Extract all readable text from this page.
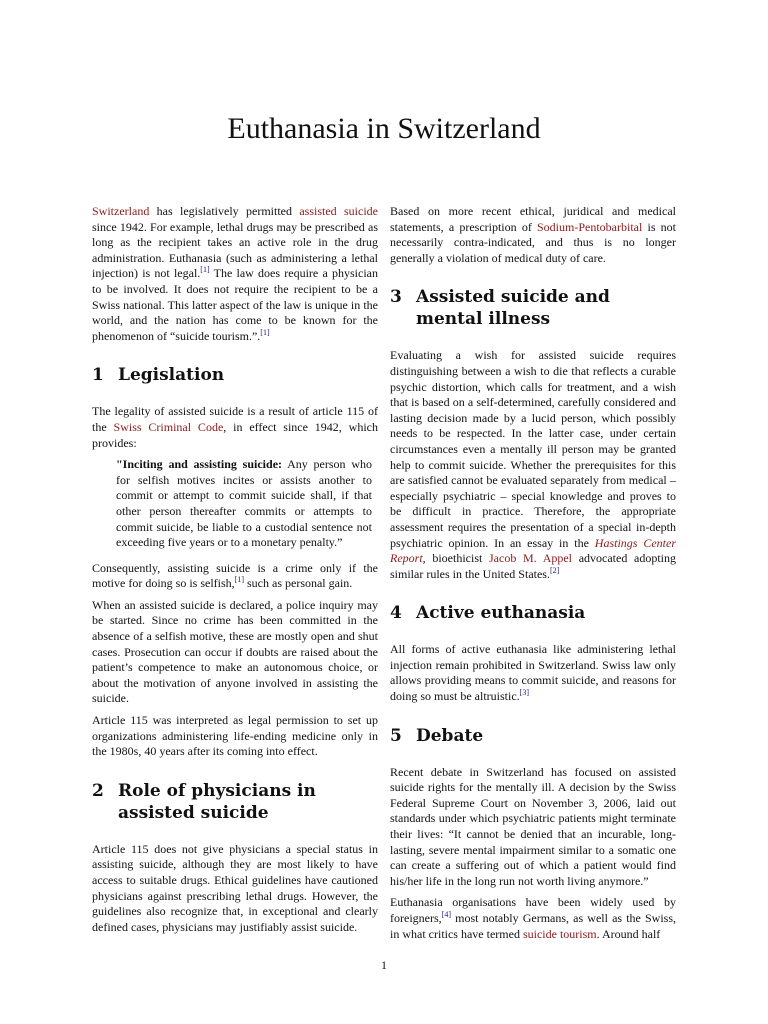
Euthanasia in Switzerland

Switzerland has legislatively permitted assisted suicide since 1942. For example, lethal drugs may be prescribed as long as the recipient takes an active role in the drug administration. Euthanasia (such as administering a lethal injection) is not legal.[1] The law does require a physician to be involved. It does not require the recipient to be a Swiss national. This latter aspect of the law is unique in the world, and the nation has come to be known for the phenomenon of “suicide tourism.”.[1]

1 Legislation

The legality of assisted suicide is a result of article 115 of the Swiss Criminal Code, in effect since 1942, which provides:

"Inciting and assisting suicide: Any person who for selfish motives incites or assists another to commit or attempt to commit suicide shall, if that other person thereafter commits or attempts to commit suicide, be liable to a custodial sentence not exceeding five years or to a monetary penalty.”

Consequently, assisting suicide is a crime only if the motive for doing so is selfish,[1] such as personal gain.

When an assisted suicide is declared, a police inquiry may be started. Since no crime has been committed in the absence of a selfish motive, these are mostly open and shut cases. Prosecution can occur if doubts are raised about the patient’s competence to make an autonomous choice, or about the motivation of anyone involved in assisting the suicide.

Article 115 was interpreted as legal permission to set up organizations administering life-ending medicine only in the 1980s, 40 years after its coming into effect.

2 Role of physicians in assisted suicide

Article 115 does not give physicians a special status in assisting suicide, although they are most likely to have access to suitable drugs. Ethical guidelines have cautioned physicians against prescribing lethal drugs. However, the guidelines also recognize that, in exceptional and clearly defined cases, physicians may justifiably assist suicide.

Based on more recent ethical, juridical and medical statements, a prescription of Sodium-Pentobarbital is not necessarily contra-indicated, and thus is no longer generally a violation of medical duty of care.

3 Assisted suicide and mental illness

Evaluating a wish for assisted suicide requires distinguishing between a wish to die that reflects a curable psychic distortion, which calls for treatment, and a wish that is based on a self-determined, carefully considered and lasting decision made by a lucid person, which possibly needs to be respected. In the latter case, under certain circumstances even a mentally ill person may be granted help to commit suicide. Whether the prerequisites for this are satisfied cannot be evaluated separately from medical – especially psychiatric – special knowledge and proves to be difficult in practice. Therefore, the appropriate assessment requires the presentation of a special in-depth psychiatric opinion. In an essay in the Hastings Center Report, bioethicist Jacob M. Appel advocated adopting similar rules in the United States.[2]

4 Active euthanasia

All forms of active euthanasia like administering lethal injection remain prohibited in Switzerland. Swiss law only allows providing means to commit suicide, and reasons for doing so must be altruistic.[3]

5 Debate

Recent debate in Switzerland has focused on assisted suicide rights for the mentally ill. A decision by the Swiss Federal Supreme Court on November 3, 2006, laid out standards under which psychiatric patients might terminate their lives: “It cannot be denied that an incurable, long-lasting, severe mental impairment similar to a somatic one can create a suffering out of which a patient would find his/her life in the long run not worth living anymore.”

Euthanasia organisations have been widely used by foreigners,[4] most notably Germans, as well as the Swiss, in what critics have termed suicide tourism. Around half

1
